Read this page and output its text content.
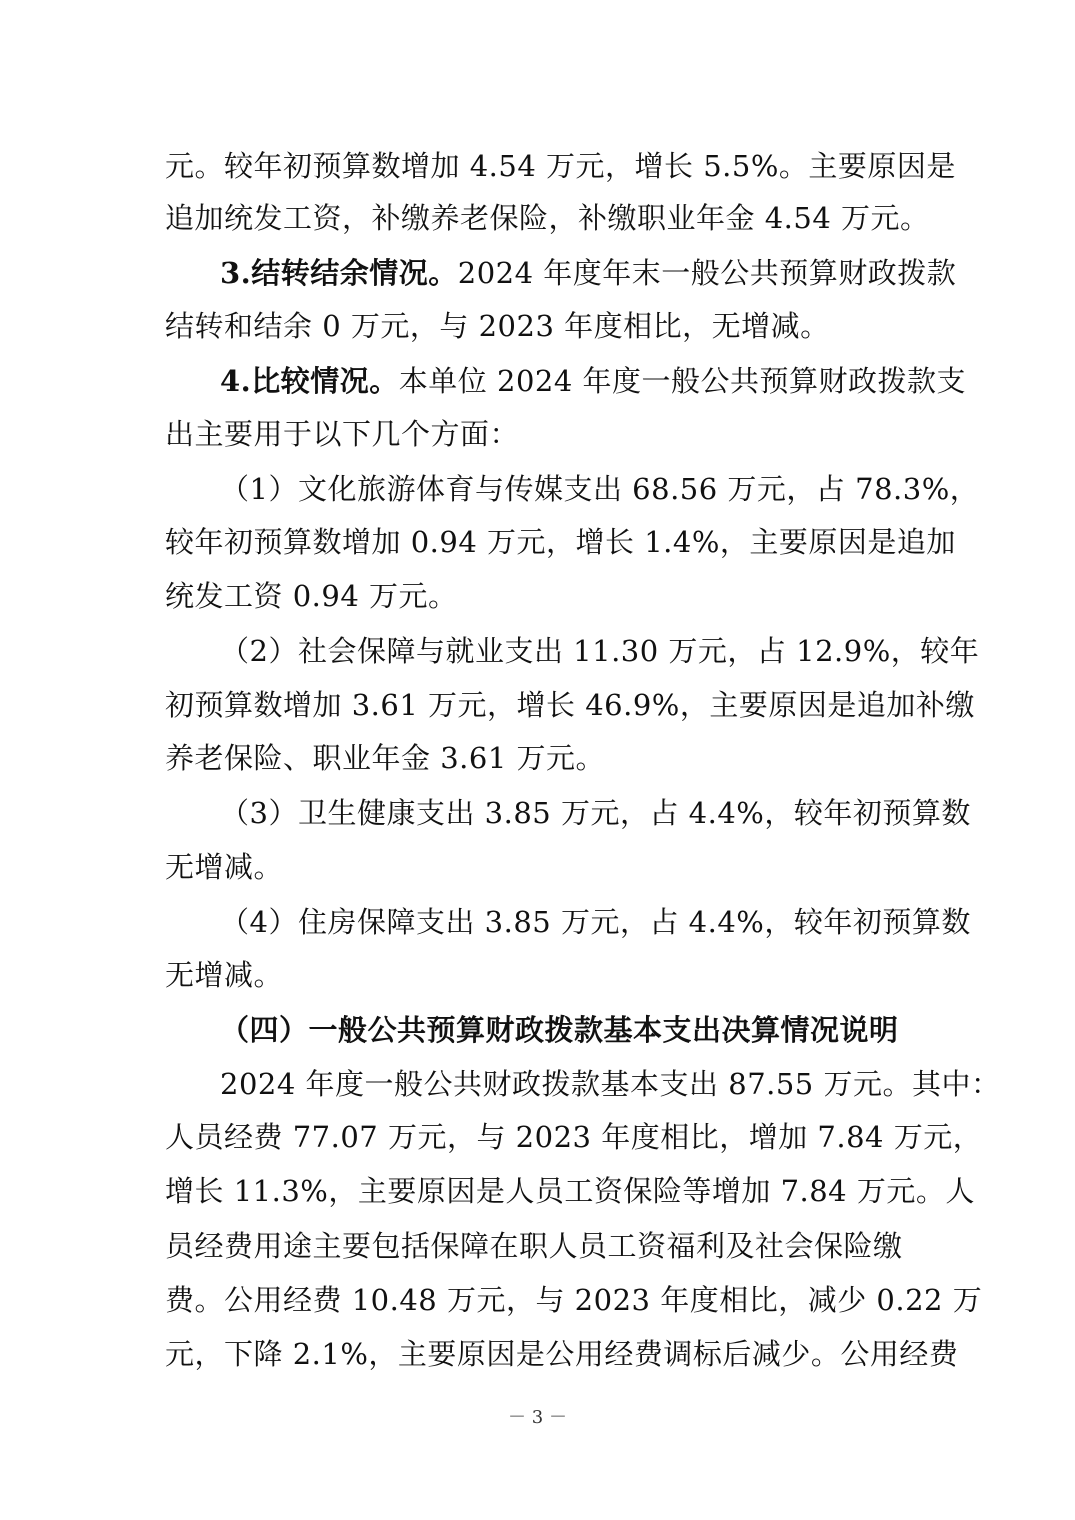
元。较年初预算数增加 4.54 万元，增长 5.5%。主要原因是
追加统发工资，补缴养老保险，补缴职业年金 4.54 万元。
3.结转结余情况。2024 年度年末一般公共预算财政拨款
结转和结余 0 万元，与 2023 年度相比，无增减。
4.比较情况。本单位 2024 年度一般公共预算财政拨款支
出主要用于以下几个方面：
（1）文化旅游体育与传媒支出 68.56 万元，占 78.3%，
较年初预算数增加 0.94 万元，增长 1.4%，主要原因是追加
统发工资 0.94 万元。
（2）社会保障与就业支出 11.30 万元，占 12.9%，较年
初预算数增加 3.61 万元，增长 46.9%，主要原因是追加补缴
养老保险、职业年金 3.61 万元。
（3）卫生健康支出 3.85 万元，占 4.4%，较年初预算数
无增减。
（4）住房保障支出 3.85 万元，占 4.4%，较年初预算数
无增减。
（四）一般公共预算财政拨款基本支出决算情况说明
2024 年度一般公共财政拨款基本支出 87.55 万元。其中：
人员经费 77.07 万元，与 2023 年度相比，增加 7.84 万元，
增长 11.3%，主要原因是人员工资保险等增加 7.84 万元。人
员经费用途主要包括保障在职人员工资福利及社会保险缴
费。公用经费 10.48 万元，与 2023 年度相比，减少 0.22 万
元，下降 2.1%，主要原因是公用经费调标后减少。公用经费
－ 3 －
